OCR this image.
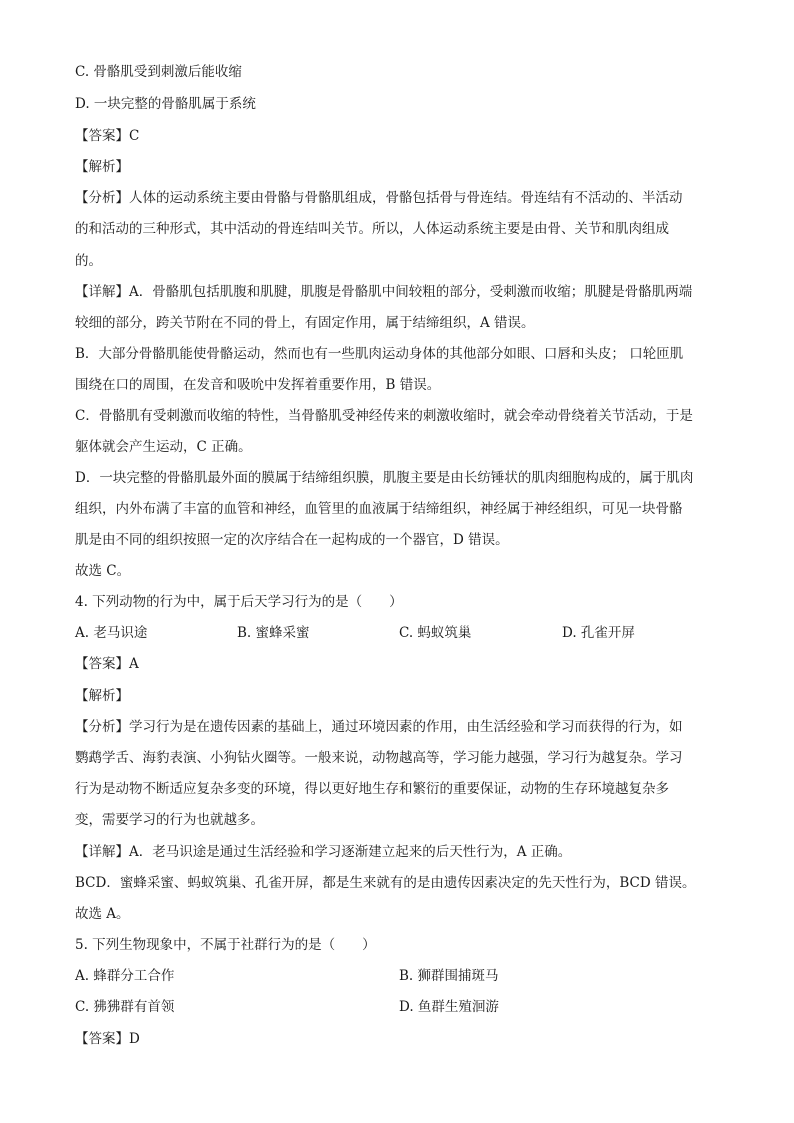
C. 骨骼肌受到刺激后能收缩
D. 一块完整的骨骼肌属于系统
【答案】C
【解析】
【分析】人体的运动系统主要由骨骼与骨骼肌组成，骨骼包括骨与骨连结。骨连结有不活动的、半活动
的和活动的三种形式，其中活动的骨连结叫关节。所以，人体运动系统主要是由骨、关节和肌肉组成
的。
【详解】A．骨骼肌包括肌腹和肌腱，肌腹是骨骼肌中间较粗的部分，受刺激而收缩；肌腱是骨骼肌两端
较细的部分，跨关节附在不同的骨上，有固定作用，属于结缔组织，A 错误。
B．大部分骨骼肌能使骨骼运动，然而也有一些肌肉运动身体的其他部分如眼、口唇和头皮； 口轮匝肌
围绕在口的周围，在发音和吸吮中发挥着重要作用，B 错误。
C．骨骼肌有受刺激而收缩的特性，当骨骼肌受神经传来的刺激收缩时，就会牵动骨绕着关节活动，于是
躯体就会产生运动，C 正确。
D．一块完整的骨骼肌最外面的膜属于结缔组织膜，肌腹主要是由长纺锤状的肌肉细胞构成的，属于肌肉
组织，内外布满了丰富的血管和神经，血管里的血液属于结缔组织，神经属于神经组织，可见一块骨骼
肌是由不同的组织按照一定的次序结合在一起构成的一个器官，D 错误。
故选 C。
4. 下列动物的行为中，属于后天学习行为的是（　　）
A. 老马识途	B. 蜜蜂采蜜	C. 蚂蚁筑巢	D. 孔雀开屏
【答案】A
【解析】
【分析】学习行为是在遗传因素的基础上，通过环境因素的作用，由生活经验和学习而获得的行为，如
鹦鹉学舌、海豹表演、小狗钻火圈等。一般来说，动物越高等，学习能力越强，学习行为越复杂。学习
行为是动物不断适应复杂多变的环境，得以更好地生存和繁衍的重要保证，动物的生存环境越复杂多
变，需要学习的行为也就越多。
【详解】A．老马识途是通过生活经验和学习逐渐建立起来的后天性行为，A 正确。
BCD．蜜蜂采蜜、蚂蚁筑巢、孔雀开屏，都是生来就有的是由遗传因素决定的先天性行为，BCD 错误。
故选 A。
5. 下列生物现象中，不属于社群行为的是（　　）
A. 蜂群分工合作	B. 狮群围捕斑马
C. 狒狒群有首领	D. 鱼群生殖洄游
【答案】D
